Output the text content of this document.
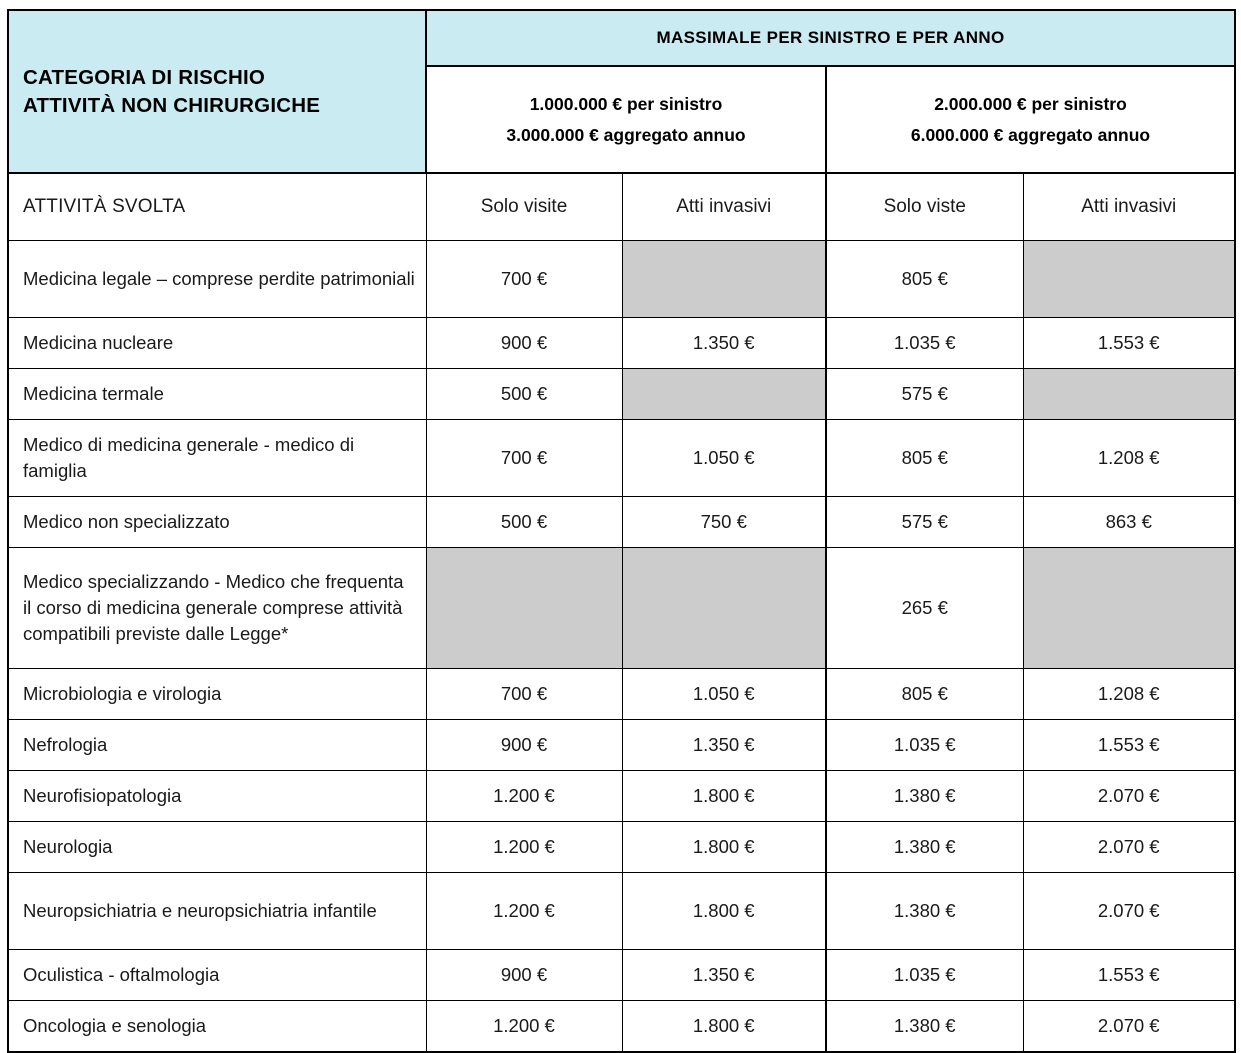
CATEGORIA DI RISCHIO
ATTIVITÀ NON CHIRURGICHE	MASSIMALE PER SINISTRO E PER ANNO			

1.000.000 € per sinistro
3.000.000 € aggregato annuo

2.000.000 € per sinistro
6.000.000 € aggregato annuo

ATTIVITÀ SVOLTA	Solo visite	Atti invasivi	Solo viste	Atti invasivi
Medicina legale – comprese perdite patrimoniali	700 €		805 €	
Medicina nucleare	900 €	1.350 €	1.035 €	1.553 €
Medicina termale	500 €		575 €	
Medico di medicina generale - medico di famiglia	700 €	1.050 €	805 €	1.208 €
Medico non specializzato	500 €	750 €	575 €	863 €
Medico specializzando - Medico che frequenta il corso di medicina generale comprese attività compatibili previste dalle Legge*			265 €	
Microbiologia e virologia	700 €	1.050 €	805 €	1.208 €
Nefrologia	900 €	1.350 €	1.035 €	1.553 €
Neurofisiopatologia	1.200 €	1.800 €	1.380 €	2.070 €
Neurologia	1.200 €	1.800 €	1.380 €	2.070 €
Neuropsichiatria e neuropsichiatria infantile	1.200 €	1.800 €	1.380 €	2.070 €
Oculistica - oftalmologia	900 €	1.350 €	1.035 €	1.553 €
Oncologia e senologia	1.200 €	1.800 €	1.380 €	2.070 €
